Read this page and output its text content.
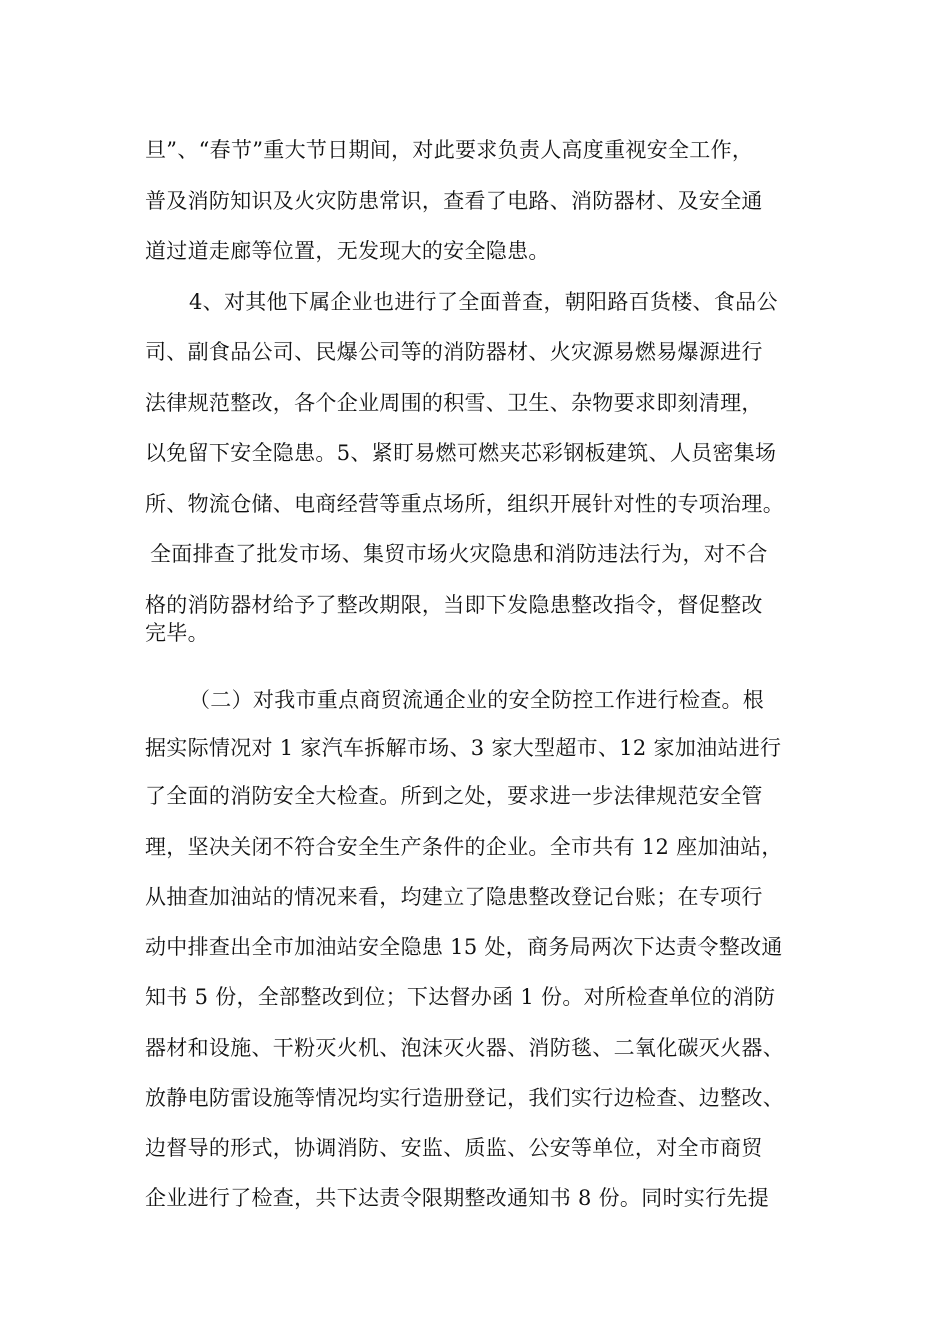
旦”、“春节”重大节日期间，对此要求负责人高度重视安全工作，
普及消防知识及火灾防患常识，查看了电路、消防器材、及安全通
道过道走廊等位置，无发现大的安全隐患。
4、对其他下属企业也进行了全面普查，朝阳路百货楼、食品公
司、副食品公司、民爆公司等的消防器材、火灾源易燃易爆源进行
法律规范整改，各个企业周围的积雪、卫生、杂物要求即刻清理，
以免留下安全隐患。5、紧盯易燃可燃夹芯彩钢板建筑、人员密集场
所、物流仓储、电商经营等重点场所，组织开展针对性的专项治理。
全面排查了批发市场、集贸市场火灾隐患和消防违法行为，对不合
格的消防器材给予了整改期限，当即下发隐患整改指令，督促整改
完毕。
（二）对我市重点商贸流通企业的安全防控工作进行检查。根
据实际情况对 1 家汽车拆解市场、3 家大型超市、12 家加油站进行
了全面的消防安全大检查。所到之处，要求进一步法律规范安全管
理，坚决关闭不符合安全生产条件的企业。全市共有 12 座加油站，
从抽查加油站的情况来看，均建立了隐患整改登记台账；在专项行
动中排查出全市加油站安全隐患 15 处，商务局两次下达责令整改通
知书 5 份，全部整改到位；下达督办函 1 份。对所检查单位的消防
器材和设施、干粉灭火机、泡沫灭火器、消防毯、二氧化碳灭火器、
放静电防雷设施等情况均实行造册登记，我们实行边检查、边整改、
边督导的形式，协调消防、安监、质监、公安等单位，对全市商贸
企业进行了检查，共下达责令限期整改通知书 8 份。同时实行先提
